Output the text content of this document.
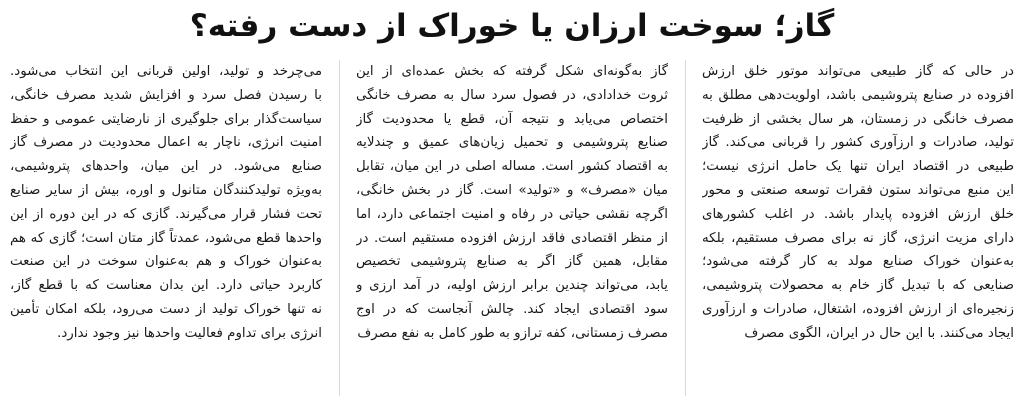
گاز؛ سوخت ارزان یا خوراک از دست رفته؟
در حالی که گاز طبیعی می‌تواند موتور خلق ارزش
افزوده در صنایع پتروشیمی باشد، اولویت‌دهی مطلق به
مصرف خانگی در زمستان، هر سال بخشی از ظرفیت
تولید، صادرات و ارزآوری کشور را قربانی می‌کند. گاز
طبیعی در اقتصاد ایران تنها یک حامل انرژی نیست؛
این منبع می‌تواند ستون فقرات توسعه صنعتی و محور
خلق ارزش افزوده پایدار باشد. در اغلب کشورهای
دارای مزیت انرژی، گاز نه برای مصرف مستقیم، بلکه
به‌عنوان خوراک صنایع مولد به کار گرفته می‌شود؛
صنایعی که با تبدیل گاز خام به محصولات پتروشیمی،
زنجیره‌ای از ارزش افزوده، اشتغال، صادرات و ارزآوری
ایجاد می‌کنند. با این حال در ایران، الگوی مصرف
گاز به‌گونه‌ای شکل گرفته که بخش عمده‌ای از این
ثروت خدادادی، در فصول سرد سال به مصرف خانگی
اختصاص می‌یابد و نتیجه آن، قطع یا محدودیت گاز
صنایع پتروشیمی و تحمیل زیان‌های عمیق و چندلایه
به اقتصاد کشور است. مساله اصلی در این میان، تقابل
میان «مصرف» و «تولید» است. گاز در بخش خانگی،
اگرچه نقشی حیاتی در رفاه و امنیت اجتماعی دارد، اما
از منظر اقتصادی فاقد ارزش افزوده مستقیم است. در
مقابل، همین گاز اگر به صنایع پتروشیمی تخصیص
یابد، می‌تواند چندین برابر ارزش اولیه، در آمد ارزی و
سود اقتصادی ایجاد کند. چالش آنجاست که در اوج
مصرف زمستانی، کفه ترازو به طور کامل به نفع مصرف
می‌چرخد و تولید، اولین قربانی این انتخاب می‌شود.
با رسیدن فصل سرد و افزایش شدید مصرف خانگی،
سیاست‌گذار برای جلوگیری از نارضایتی عمومی و حفظ
امنیت انرژی، ناچار به اعمال محدودیت در مصرف گاز
صنایع می‌شود. در این میان، واحدهای پتروشیمی،
به‌ویژه تولیدکنندگان متانول و اوره، بیش از سایر صنایع
تحت فشار قرار می‌گیرند. گازی که در این دوره از این
واحدها قطع می‌شود، عمدتاً گاز متان است؛ گازی که هم
به‌عنوان خوراک و هم به‌عنوان سوخت در این صنعت
کاربرد حیاتی دارد. این بدان معناست که با قطع گاز،
نه تنها خوراک تولید از دست می‌رود، بلکه امکان تأمین
انرژی برای تداوم فعالیت واحدها نیز وجود ندارد.
